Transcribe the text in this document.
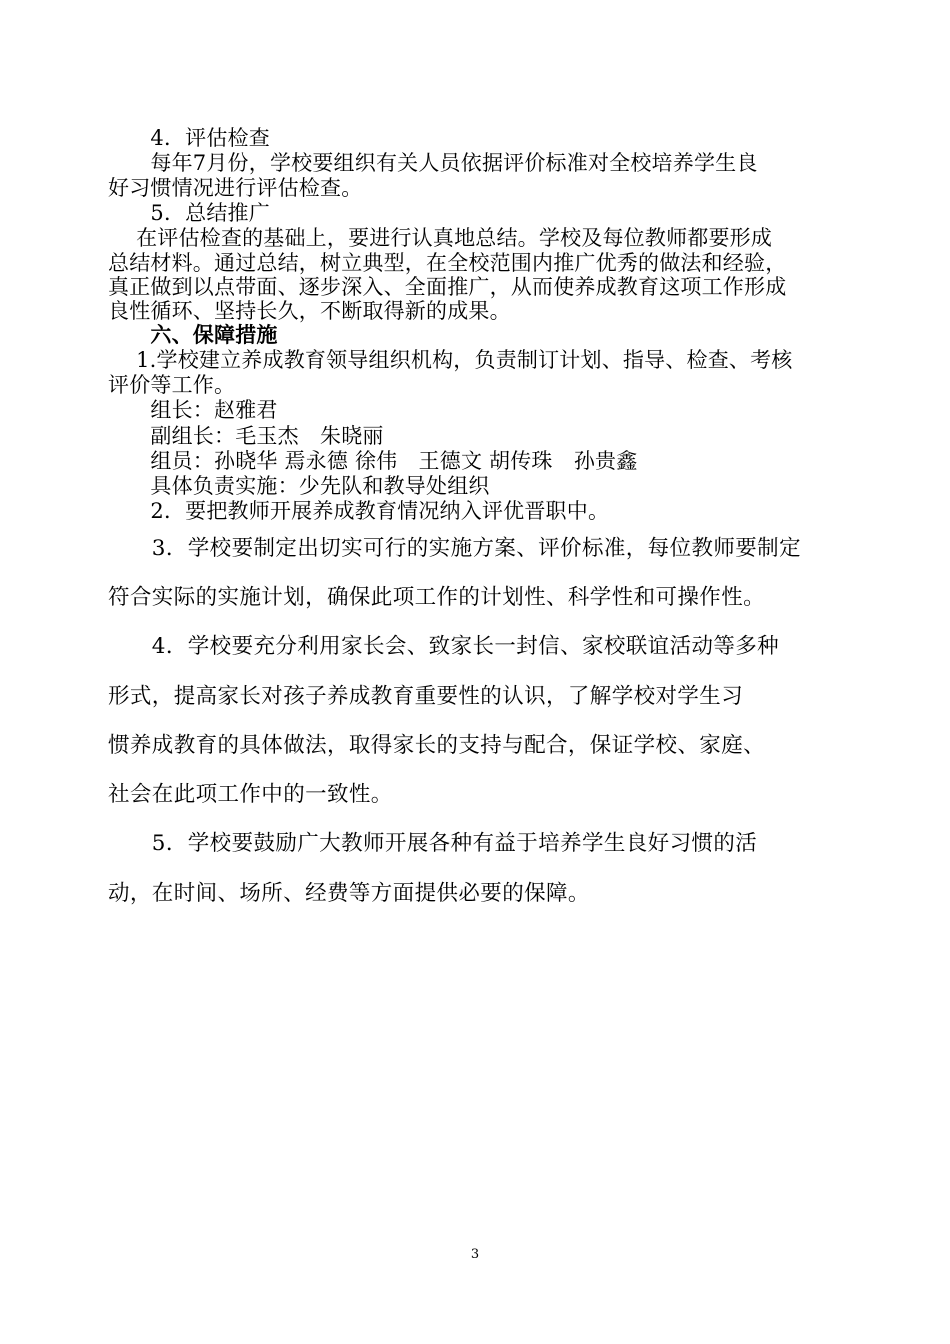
　　4．评估检查
　　每年7月份，学校要组织有关人员依据评价标准对全校培养学生良
好习惯情况进行评估检查。
　　5．总结推广
　 在评估检查的基础上，要进行认真地总结。学校及每位教师都要形成
总结材料。通过总结，树立典型，在全校范围内推广优秀的做法和经验，
真正做到以点带面、逐步深入、全面推广，从而使养成教育这项工作形成
良性循环、坚持长久，不断取得新的成果。
　　六、保障措施
　 1.学校建立养成教育领导组织机构，负责制订计划、指导、检查、考核
评价等工作。
　　组长：赵雅君
　　副组长：毛玉杰　朱晓丽
　　组员：孙晓华 焉永德 徐伟　王德文 胡传珠　孙贵鑫
　　具体负责实施：少先队和教导处组织
　　2．要把教师开展养成教育情况纳入评优晋职中。
　　3．学校要制定出切实可行的实施方案、评价标准，每位教师要制定
符合实际的实施计划，确保此项工作的计划性、科学性和可操作性。
　　4．学校要充分利用家长会、致家长一封信、家校联谊活动等多种
形式，提高家长对孩子养成教育重要性的认识，了解学校对学生习
惯养成教育的具体做法，取得家长的支持与配合，保证学校、家庭、
社会在此项工作中的一致性。
　　5．学校要鼓励广大教师开展各种有益于培养学生良好习惯的活
动，在时间、场所、经费等方面提供必要的保障。
3
